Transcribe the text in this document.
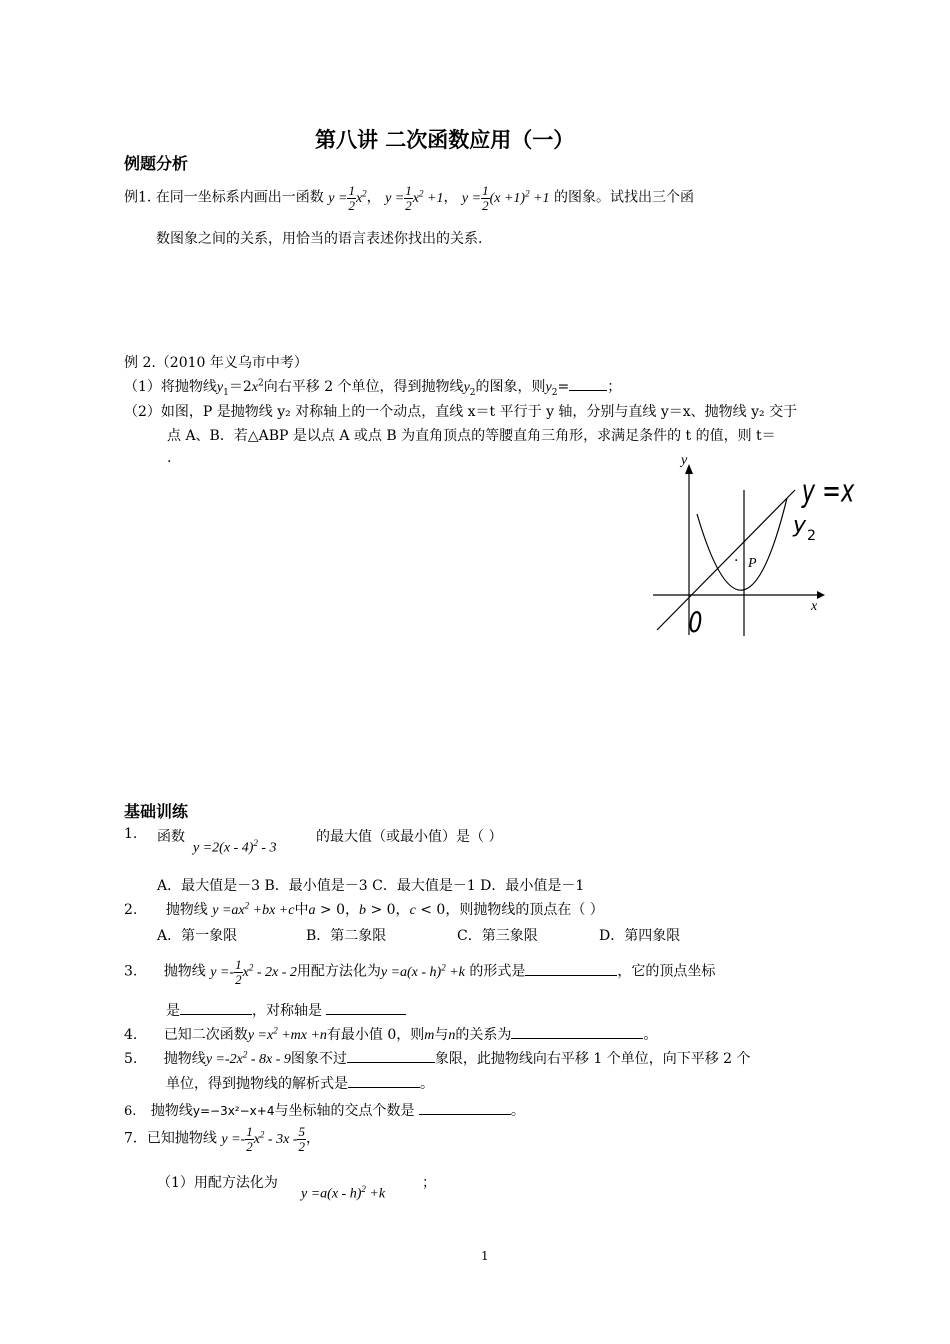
第八讲 二次函数应用（一）
例题分析
例1. 在同一坐标系内画出一函数 $y = \frac{1}{2} x^2$， $y = \frac{1}{2} x^2 +1$， $y = \frac{1}{2} (x +1)^2 +1$ 的图象。试找出三个函
数图象之间的关系，用恰当的语言表述你找出的关系.
例 2.（2010 年义乌市中考）
（1）将抛物线$y_1=2x^2$向右平移 2 个单位，得到抛物线$y_2$的图象，则$y_2=$	；
（2）如图，P 是抛物线 y₂ 对称轴上的一个动点，直线 x＝t 平行于 y 轴，分别与直线 y＝x、抛物线 y₂ 交于
点 A、B．若△ABP 是以点 A 或点 B 为直角顶点的等腰直角三角形，求满足条件的 t 的值，则 t＝
.	y
x
y =x
y 2
· P
0
基础训练
1. 函数
y =2(x - 4)$^2$ - 3
的最大值（或最小值）是（ ）
A．最大值是－3 B．最小值是－3 C．最大值是－1 D．最小值是－1
2. 抛物线 $y =ax^2 +bx +c$中a > 0，b > 0，c < 0，则抛物线的顶点在（ ）
A．第一象限	B．第二象限	C．第三象限	D．第四象限
3. 抛物线 $y =- \frac{1}{2} x^2 - 2x - 2$用配方法化为y =a(x - h)$^2$ +k 的形式是	，它的顶点坐标
是	，对称轴是
4. 已知二次函数$y =x^2 +mx +n$有最小值 0，则m与n的关系为	。
5. 抛物线$y =-2x^2 - 8x - 9$图象不过	象限，此抛物线向右平移 1 个单位，向下平移 2 个
单位，得到抛物线的解析式是	。
6. 抛物线y=−3x²−x+4与坐标轴的交点个数是	。
7．已知抛物线 $y =- \frac{1}{2} x^2 - 3x - \frac{5}{2}$ ，
（1）用配方法化为
y =a(x - h)$^2$ +k
；
1
